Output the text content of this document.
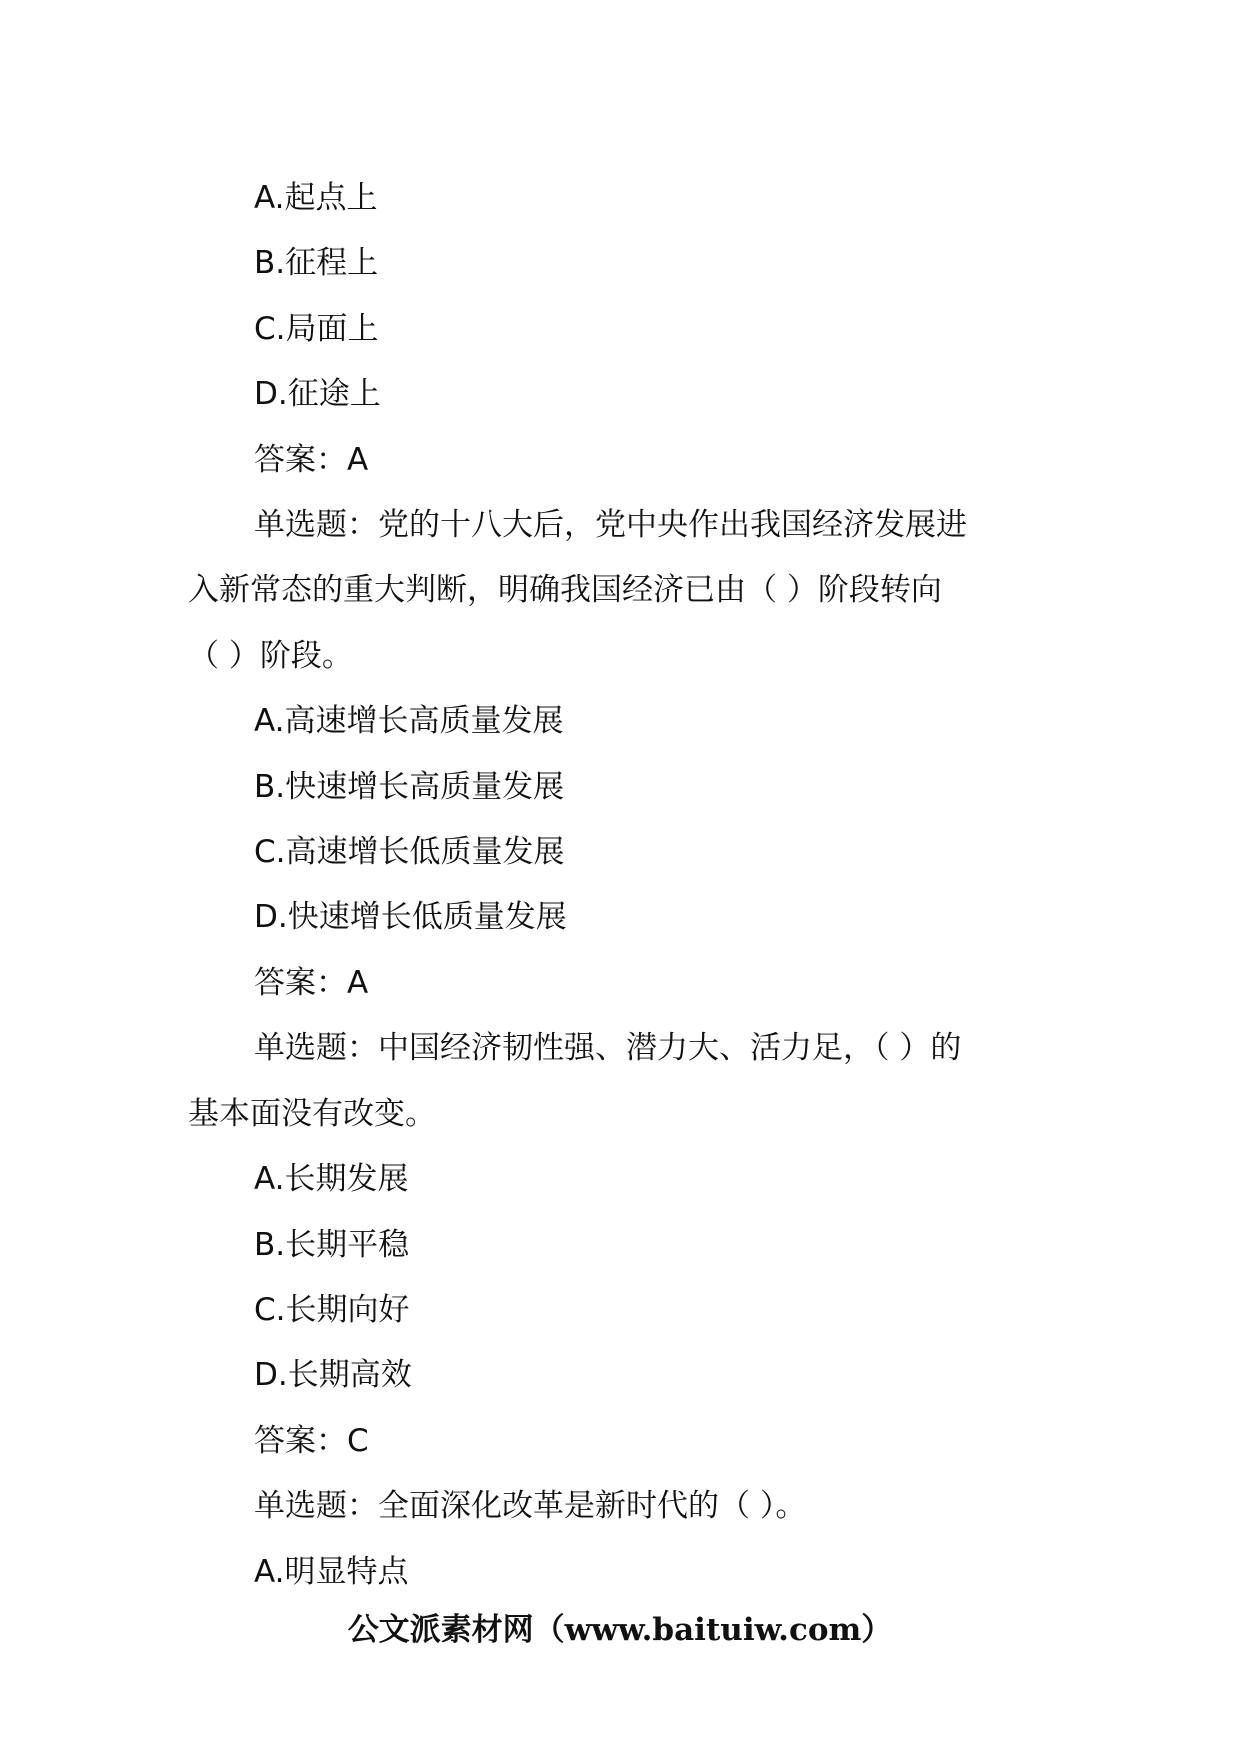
A.起点上

B.征程上

C.局面上

D.征途上

答案：A

单选题：党的十八大后，党中央作出我国经济发展进

入新常态的重大判断，明确我国经济已由（ ）阶段转向

（ ）阶段。

A.高速增长高质量发展

B.快速增长高质量发展

C.高速增长低质量发展

D.快速增长低质量发展

答案：A

单选题：中国经济韧性强、潜力大、活力足，（ ）的

基本面没有改变。

A.长期发展

B.长期平稳

C.长期向好

D.长期高效

答案：C

单选题：全面深化改革是新时代的（ ）。

A.明显特点

公文派素材网（www.baituiw.com）
